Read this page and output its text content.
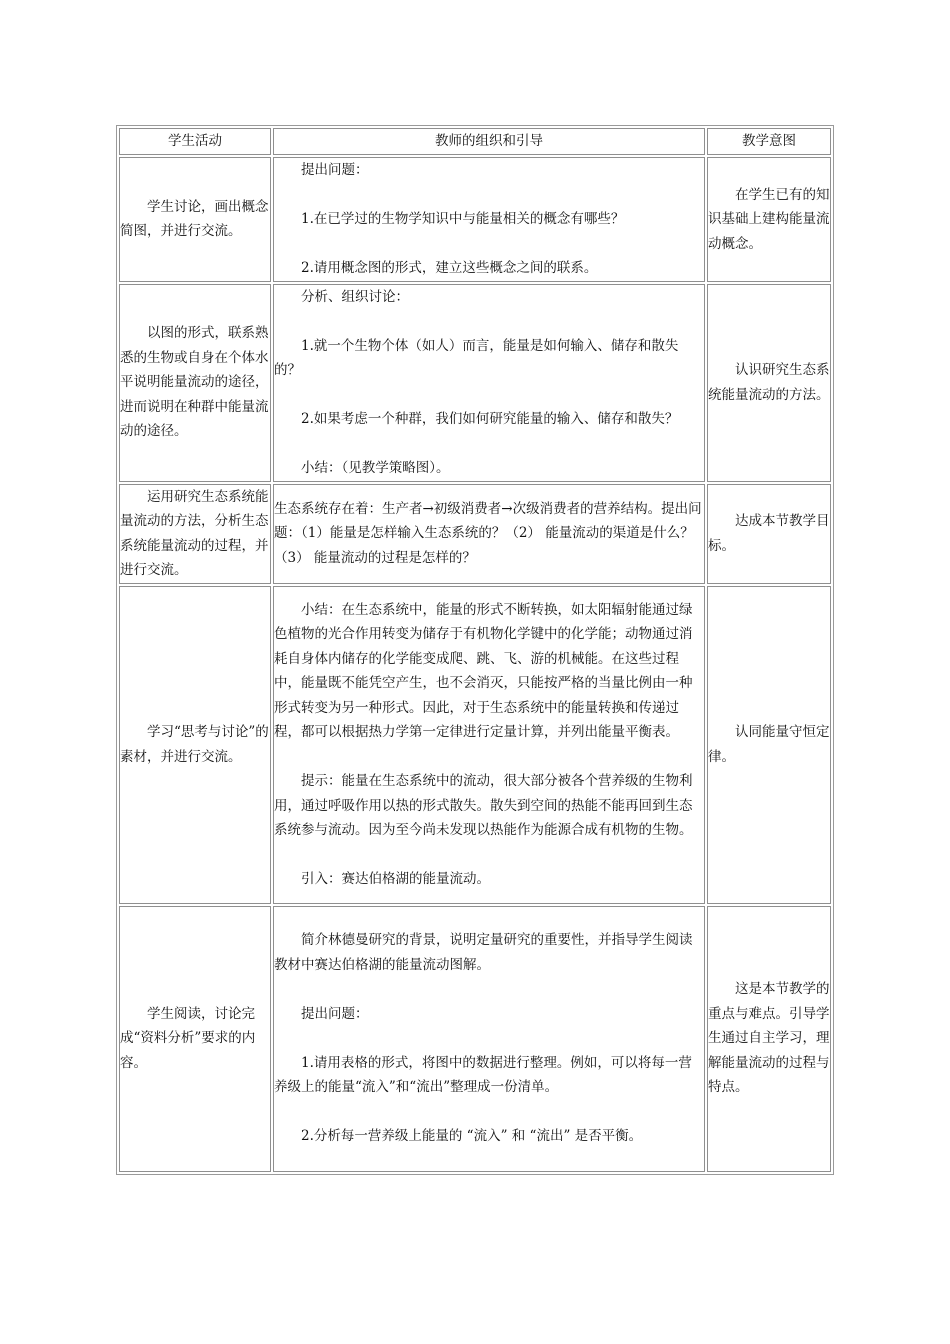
学生活动	教师的组织和引导	教学意图

学生讨论，画出概念简图，并进行交流。	提出问题：

1.在已学过的生物学知识中与能量相关的概念有哪些？

2.请用概念图的形式，建立这些概念之间的联系。	在学生已有的知识基础上建构能量流动概念。

以图的形式，联系熟悉的生物或自身在个体水平说明能量流动的途径，进而说明在种群中能量流动的途径。	分析、组织讨论：

1.就一个生物个体（如人）而言，能量是如何输入、储存和散失的？

2.如果考虑一个种群，我们如何研究能量的输入、储存和散失？

小结：（见教学策略图）。	认识研究生态系统能量流动的方法。

运用研究生态系统能量流动的方法，分析生态系统能量流动的过程，并进行交流。	生态系统存在着：生产者→初级消费者→次级消费者的营养结构。提出问题：（1）能量是怎样输入生态系统的？（2） 能量流动的渠道是什么？ （3） 能量流动的过程是怎样的？	达成本节教学目标。

学习“思考与讨论”的素材，并进行交流。	小结：在生态系统中，能量的形式不断转换，如太阳辐射能通过绿色植物的光合作用转变为储存于有机物化学键中的化学能；动物通过消耗自身体内储存的化学能变成爬、跳、飞、游的机械能。在这些过程中，能量既不能凭空产生，也不会消灭，只能按严格的当量比例由一种形式转变为另一种形式。因此，对于生态系统中的能量转换和传递过程，都可以根据热力学第一定律进行定量计算，并列出能量平衡表。

提示：能量在生态系统中的流动，很大部分被各个营养级的生物利用，通过呼吸作用以热的形式散失。散失到空间的热能不能再回到生态系统参与流动。因为至今尚未发现以热能作为能源合成有机物的生物。

引入：赛达伯格湖的能量流动。	认同能量守恒定律。

学生阅读，讨论完成“资料分析”要求的内容。	简介林德曼研究的背景，说明定量研究的重要性，并指导学生阅读教材中赛达伯格湖的能量流动图解。

提出问题：

1.请用表格的形式，将图中的数据进行整理。例如，可以将每一营养级上的能量“流入”和“流出”整理成一份清单。

2.分析每一营养级上能量的 “流入” 和 “流出” 是否平衡。	这是本节教学的重点与难点。引导学生通过自主学习，理解能量流动的过程与特点。
